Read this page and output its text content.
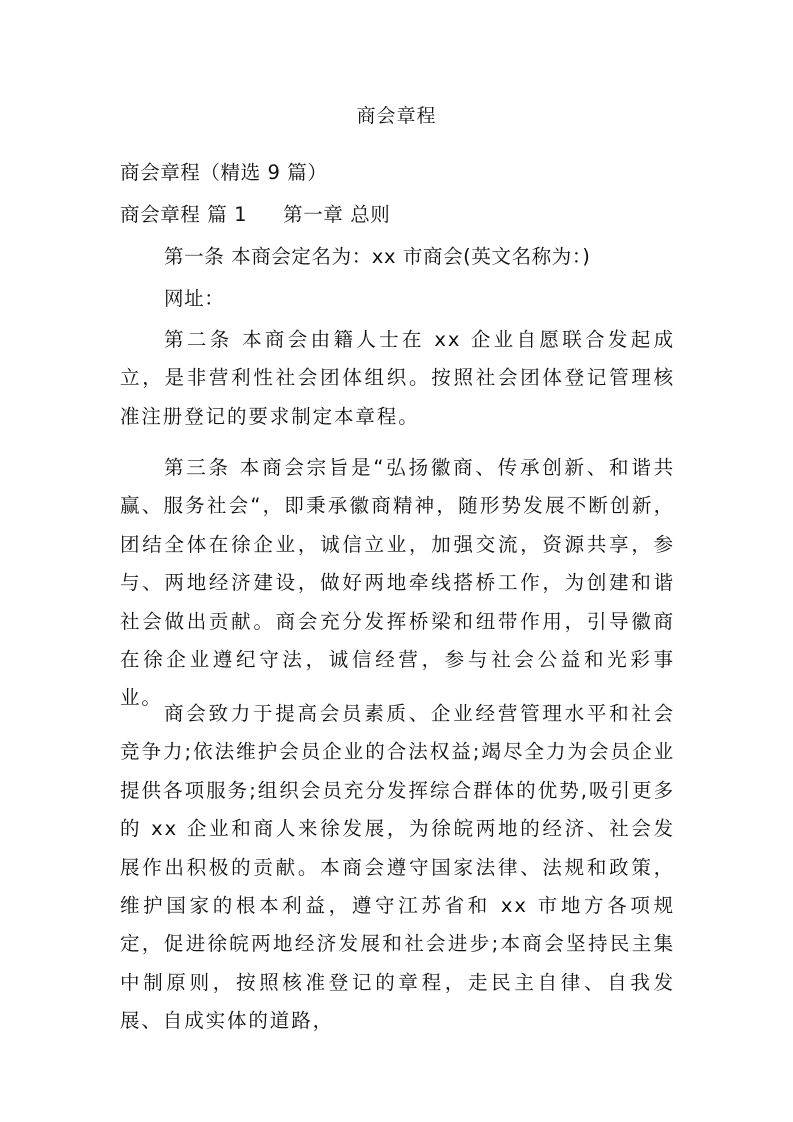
商会章程
商会章程（精选 9 篇）
商会章程 篇 1 第一章 总则
第一条 本商会定名为：xx 市商会(英文名称为：)
网址：
第二条 本商会由籍人士在 xx 企业自愿联合发起成立，是非营利性社会团体组织。按照社会团体登记管理核准注册登记的要求制定本章程。
第三条 本商会宗旨是“弘扬徽商、传承创新、和谐共赢、服务社会“，即秉承徽商精神，随形势发展不断创新，团结全体在徐企业，诚信立业，加强交流，资源共享，参与、两地经济建设，做好两地牵线搭桥工作，为创建和谐社会做出贡献。商会充分发挥桥梁和纽带作用，引导徽商在徐企业遵纪守法，诚信经营，参与社会公益和光彩事业。
商会致力于提高会员素质、企业经营管理水平和社会竞争力;依法维护会员企业的合法权益;竭尽全力为会员企业提供各项服务;组织会员充分发挥综合群体的优势,吸引更多的 xx 企业和商人来徐发展，为徐皖两地的经济、社会发展作出积极的贡献。本商会遵守国家法律、法规和政策，维护国家的根本利益，遵守江苏省和 xx 市地方各项规定，促进徐皖两地经济发展和社会进步;本商会坚持民主集中制原则，按照核准登记的章程，走民主自律、自我发展、自成实体的道路，
